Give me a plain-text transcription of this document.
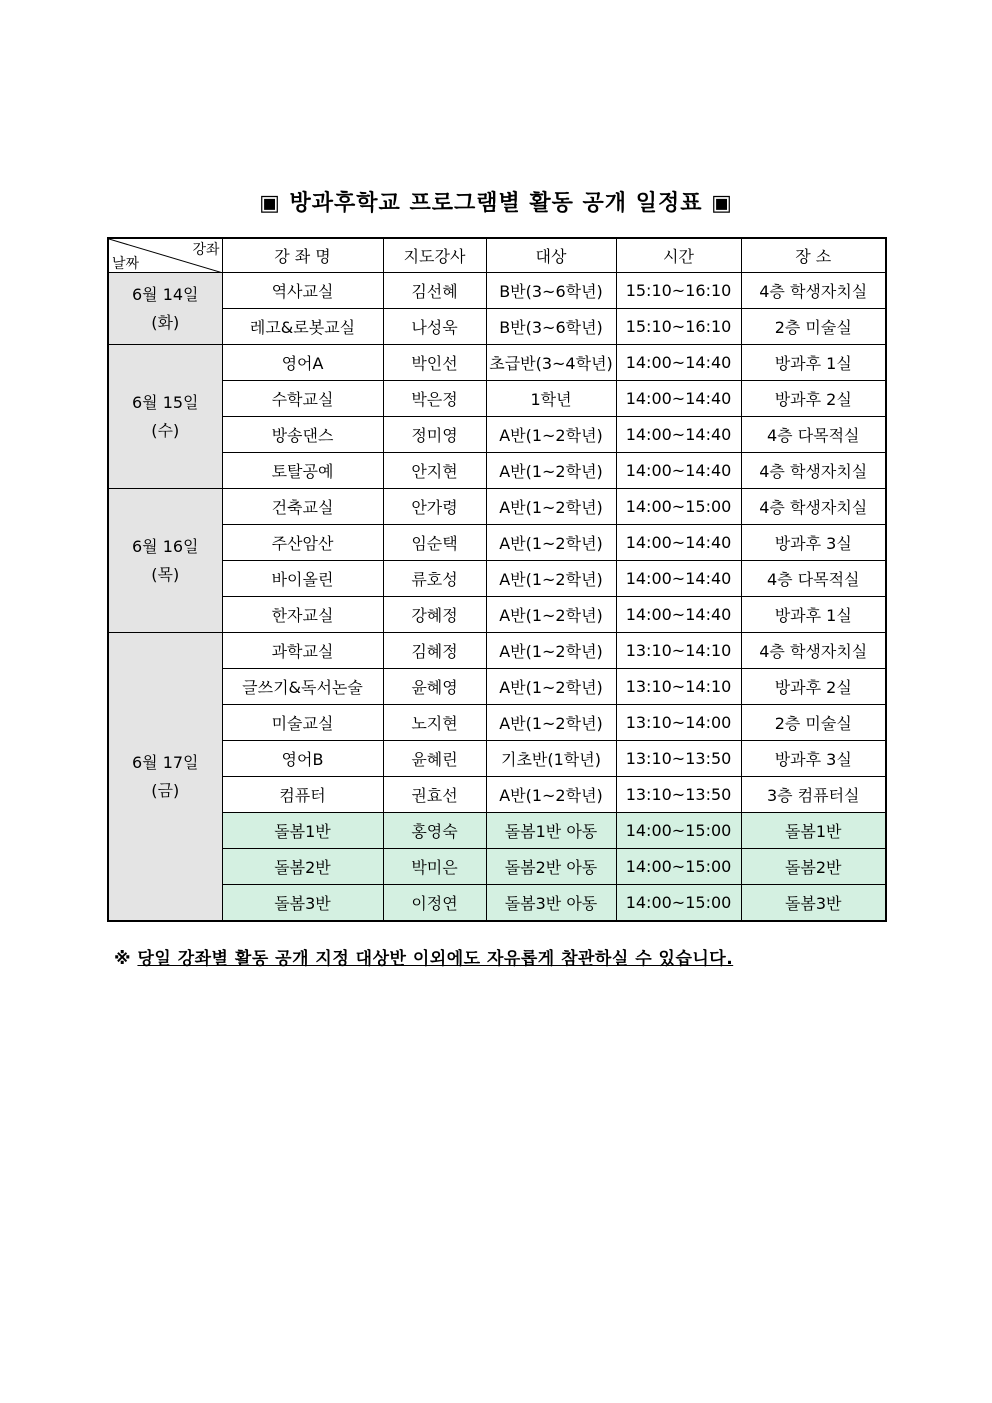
▣ 방과후학교 프로그램별 활동 공개 일정표 ▣
강좌
날짜	강 좌 명	지도강사	대상	시간	장 소

6월 14일
(화)	역사교실	김선혜	B반(3~6학년)	15:10~16:10	4층 학생자치실
	레고&로봇교실	나성욱	B반(3~6학년)	15:10~16:10	2층 미술실

6월 15일
(수)	영어A	박인선	초급반(3~4학년)	14:00~14:40	방과후 1실
	수학교실	박은정	1학년	14:00~14:40	방과후 2실
	방송댄스	정미영	A반(1~2학년)	14:00~14:40	4층 다목적실
	토탈공예	안지현	A반(1~2학년)	14:00~14:40	4층 학생자치실

6월 16일
(목)	건축교실	안가령	A반(1~2학년)	14:00~15:00	4층 학생자치실
	주산암산	임순택	A반(1~2학년)	14:00~14:40	방과후 3실
	바이올린	류호성	A반(1~2학년)	14:00~14:40	4층 다목적실
	한자교실	강혜정	A반(1~2학년)	14:00~14:40	방과후 1실

6월 17일
(금)	과학교실	김혜정	A반(1~2학년)	13:10~14:10	4층 학생자치실
	글쓰기&독서논술	윤혜영	A반(1~2학년)	13:10~14:10	방과후 2실
	미술교실	노지현	A반(1~2학년)	13:10~14:00	2층 미술실
	영어B	윤혜린	기초반(1학년)	13:10~13:50	방과후 3실
	컴퓨터	권효선	A반(1~2학년)	13:10~13:50	3층 컴퓨터실
	돌봄1반	홍영숙	돌봄1반 아동	14:00~15:00	돌봄1반
	돌봄2반	박미은	돌봄2반 아동	14:00~15:00	돌봄2반
	돌봄3반	이정연	돌봄3반 아동	14:00~15:00	돌봄3반
※ 당일 강좌별 활동 공개 지정 대상반 이외에도 자유롭게 참관하실 수 있습니다.
